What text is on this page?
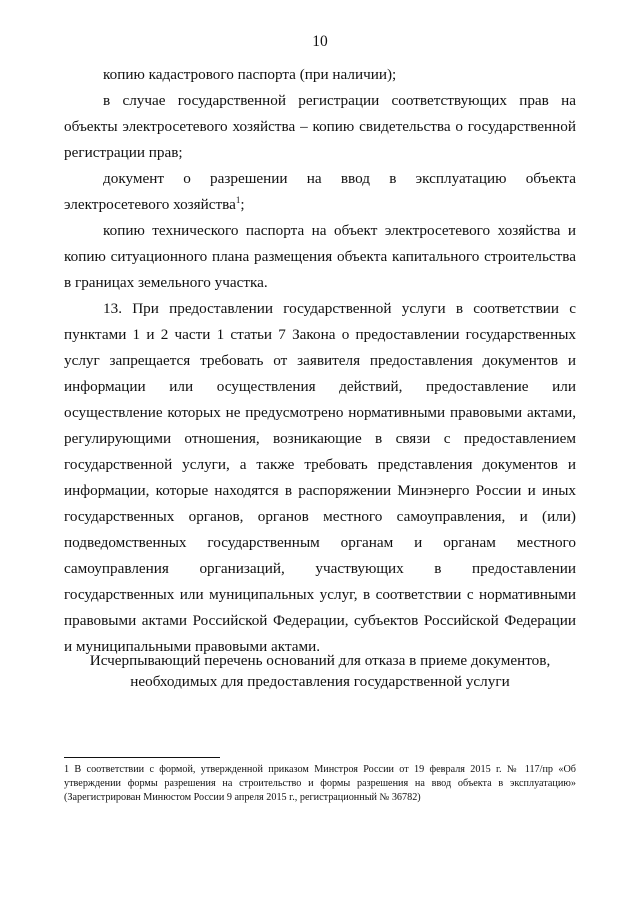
10

копию кадастрового паспорта (при наличии);

в случае государственной регистрации соответствующих прав на объекты электросетевого хозяйства – копию свидетельства о государственной регистрации прав;

документ о разрешении на ввод в эксплуатацию объекта электросетевого хозяйства$^1$;

копию технического паспорта на объект электросетевого хозяйства и копию ситуационного плана размещения объекта капитального строительства в границах земельного участка.

13. При предоставлении государственной услуги в соответствии с пунктами 1 и 2 части 1 статьи 7 Закона о предоставлении государственных услуг запрещается требовать от заявителя предоставления документов и информации или осуществления действий, предоставление или осуществление которых не предусмотрено нормативными правовыми актами, регулирующими отношения, возникающие в связи с предоставлением государственной услуги, а также требовать представления документов и информации, которые находятся в распоряжении Минэнерго России и иных государственных органов, органов местного самоуправления, и (или) подведомственных государственным органам и органам местного самоуправления организаций, участвующих в предоставлении государственных или муниципальных услуг, в соответствии с нормативными правовыми актами Российской Федерации, субъектов Российской Федерации и муниципальными правовыми актами.

Исчерпывающий перечень оснований для отказа в приеме документов,
необходимых для предоставления государственной услуги
1 В соответствии с формой, утвержденной приказом Минстроя России от 19 февраля 2015 г. № 117/пр «Об утверждении формы разрешения на строительство и формы разрешения на ввод объекта в эксплуатацию» (Зарегистрирован Минюстом России 9 апреля 2015 г., регистрационный № 36782)
